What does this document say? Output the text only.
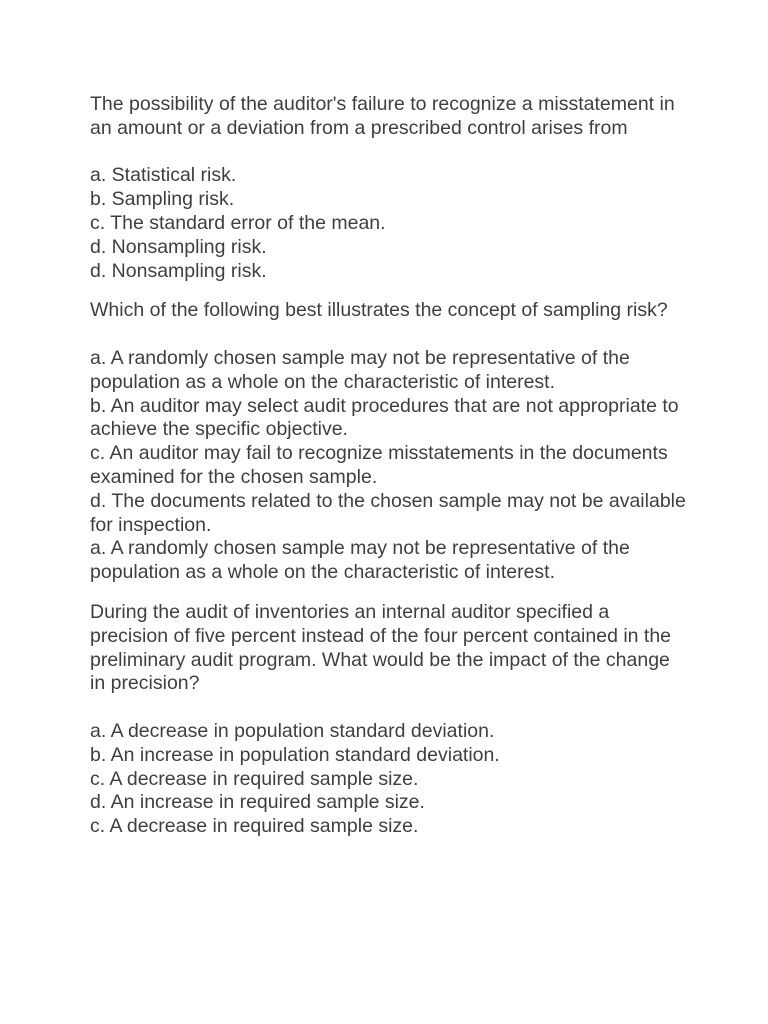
The possibility of the auditor's failure to recognize a misstatement in an amount or a deviation from a prescribed control arises from

a. Statistical risk.

b. Sampling risk.

c. The standard error of the mean.

d. Nonsampling risk.

d. Nonsampling risk.

Which of the following best illustrates the concept of sampling risk?

a. A randomly chosen sample may not be representative of the population as a whole on the characteristic of interest.

b. An auditor may select audit procedures that are not appropriate to achieve the specific objective.

c. An auditor may fail to recognize misstatements in the documents examined for the chosen sample.

d. The documents related to the chosen sample may not be available for inspection.

a. A randomly chosen sample may not be representative of the population as a whole on the characteristic of interest.

During the audit of inventories an internal auditor specified a precision of five percent instead of the four percent contained in the preliminary audit program. What would be the impact of the change in precision?

a. A decrease in population standard deviation.

b. An increase in population standard deviation.

c. A decrease in required sample size.

d. An increase in required sample size.

c. A decrease in required sample size.
